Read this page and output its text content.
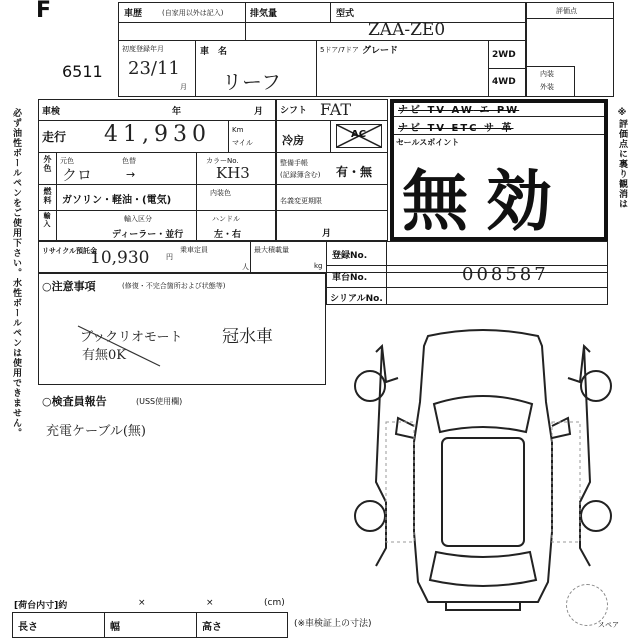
F
6511
車歴	(自家用以外は記入)	排気量	型式
ZAA-ZE0
初度登録年月
23/11
月
車　名
リーフ
5ドア/7ドア グレード	2WD
4WD
評価点
内装
外装
車検	年	月
走行 41,930	Km
マイル
元色	色替	カラーNo.
クロ	→	KH3
外色
燃料 ガソリン・軽油・(電気)
内装色
輸入	輸入区分	ハンドル
ディーラー・並行	左・右
シフト FAT
冷房	AC
整備手帳
(記録簿含む) 有・無
名義変更期限
月
ナビ TV AW エ PW
ナビ TV ETC サ 革
セールスポイント
無効
リサイクル預託金
10,930 円
乗車定員
人
最大積載量
kg
登録No.
車台No.	008587
シリアルNo.
○注意事項	(修復・不完合箇所および状態等)
ブックリオモート
有無0K
冠水車
○検査員報告	(USS使用欄)
充電ケーブル(無)
必ず油性ボールペンをご使用下さい。水性ボールペンは使用できません。	※評価点に裏り観消は
スペア
[荷台内寸]約	×	×	(cm)
長さ	幅	高さ	(※車検証上の寸法)
